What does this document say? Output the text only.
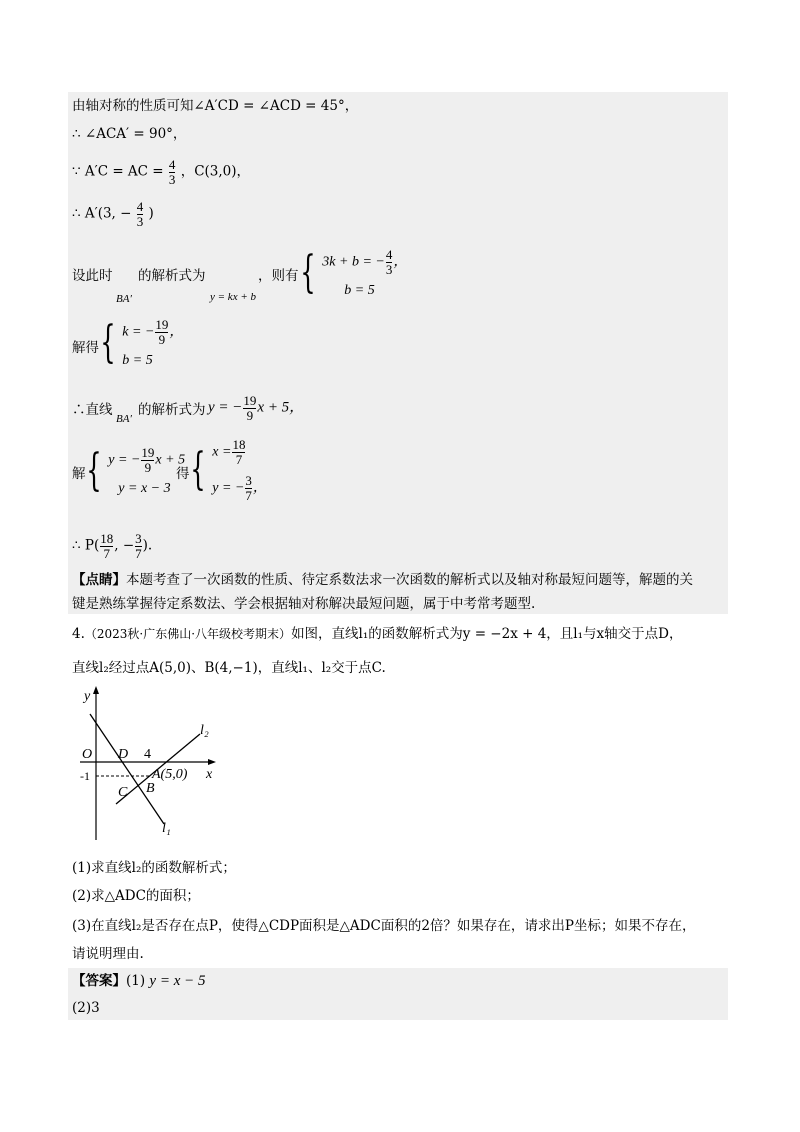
由轴对称的性质可知∠A′CD = ∠ACD = 45°，
∴ ∠ACA′ = 90°，
∵ A′C = AC = $\frac{4}{3}$ ，C(3,0)，
∴ A′(3, − $\frac{4}{3}$ )
设此时
BA′
的解析式为
y = kx + b
，则有 { 3k + b = − $\frac{4}{3}$ ，
b = 5
解得 { k = − $\frac{19}{9}$ ，
b = 5
∴直线
BA′
的解析式为 y = − $\frac{19}{9}$ x + 5，
解 { y = − $\frac{19}{9}$ x + 5
y = x − 3
得 { $x = \frac{18}{7}$
y = − $\frac{3}{7}$ ，
∴ $P( \frac{18}{7}$ , − $\frac{3}{7}$ ).
【点睛】本题考查了一次函数的性质、待定系数法求一次函数的解析式以及轴对称最短问题等，解题的关
键是熟练掌握待定系数法、学会根据轴对称解决最短问题，属于中考常考题型.
4.（2023秋·广东佛山·八年级校考期末）如图，直线l₁的函数解析式为y = −2x + 4，且l₁与x轴交于点D，
直线l₂经过点A(5,0)、B(4,−1)，直线l₁、l₂交于点C.
y
O D 4
-1	A(5,0) x
C B
l₁
l₂
(1)求直线l₂的函数解析式；
(2)求△ADC的面积；
(3)在直线l₂是否存在点P，使得△CDP面积是△ADC面积的2倍？如果存在，请求出P坐标；如果不存在，
请说明理由.
【答案】(1) y = x − 5
(2)3
